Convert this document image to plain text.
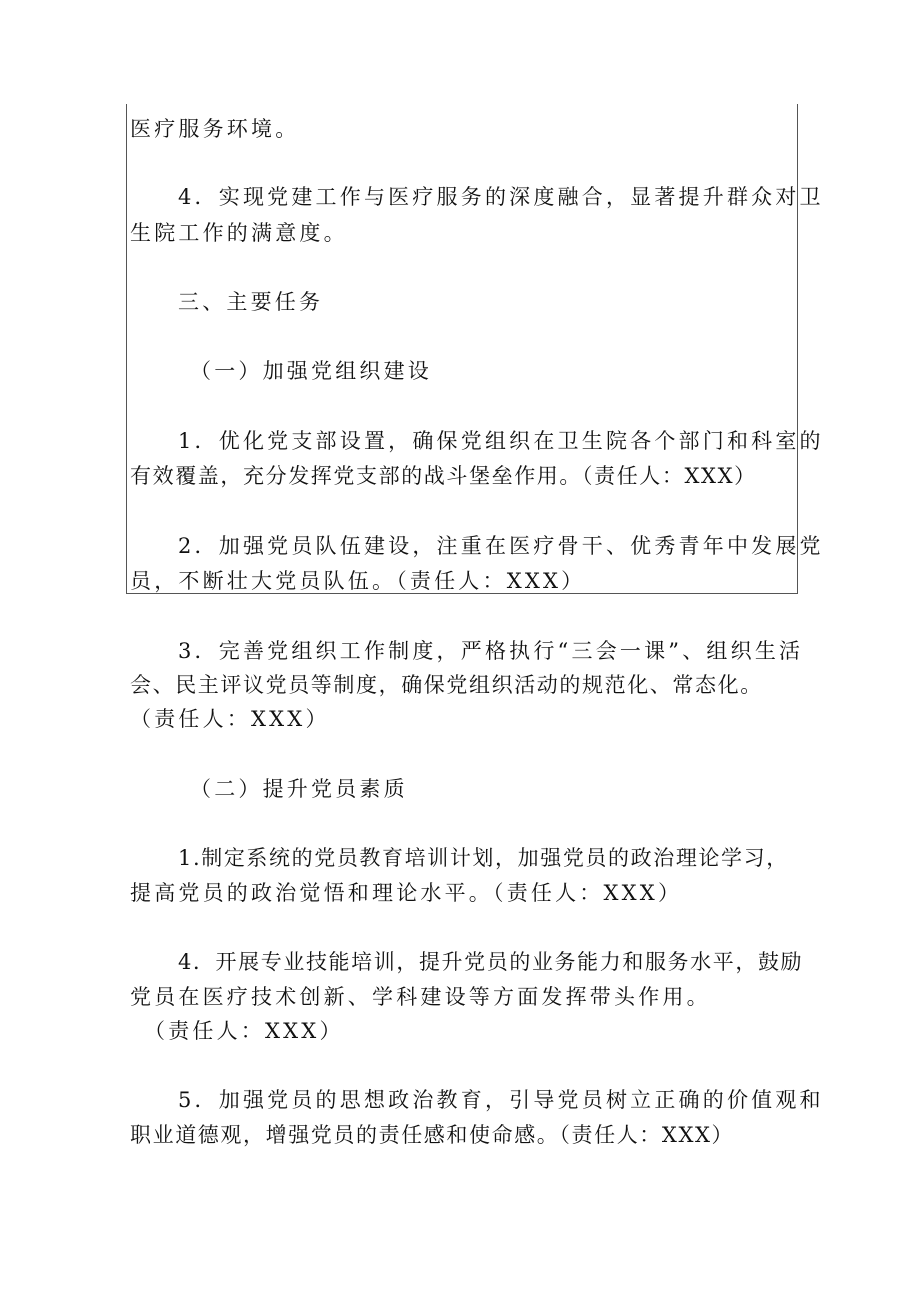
医疗服务环境。
4．实现党建工作与医疗服务的深度融合，显著提升群众对卫
生院工作的满意度。
三、主要任务
（一）加强党组织建设
1．优化党支部设置，确保党组织在卫生院各个部门和科室的
有效覆盖，充分发挥党支部的战斗堡垒作用。（责任人：XXX）
2．加强党员队伍建设，注重在医疗骨干、优秀青年中发展党
员，不断壮大党员队伍。（责任人：XXX）
3．完善党组织工作制度，严格执行“三会一课”、组织生活
会、民主评议党员等制度，确保党组织活动的规范化、常态化。
（责任人：XXX）
（二）提升党员素质
1.制定系统的党员教育培训计划，加强党员的政治理论学习，
提高党员的政治觉悟和理论水平。（责任人：XXX）
4．开展专业技能培训，提升党员的业务能力和服务水平，鼓励
党员在医疗技术创新、学科建设等方面发挥带头作用。
（责任人：XXX）
5．加强党员的思想政治教育，引导党员树立正确的价值观和
职业道德观，增强党员的责任感和使命感。（责任人：XXX）
